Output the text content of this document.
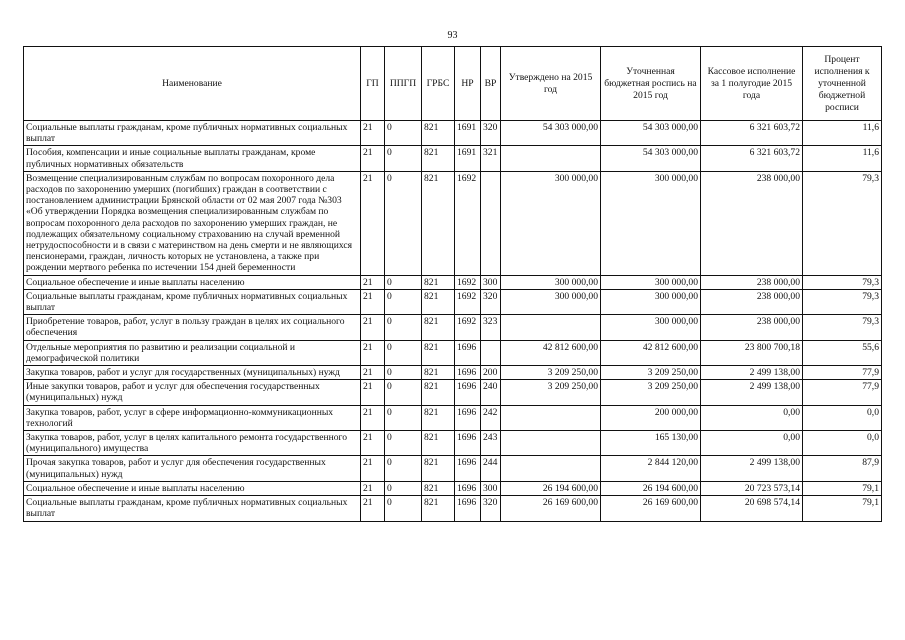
93
Наименование	ГП	ППГП	ГРБС	НР	ВР	Утверждено на 2015 год	Уточненная бюджетная роспись на 2015 год	Кассовое исполнение за 1 полугодие 2015 года	Процент исполнения к уточненной бюджетной росписи
Социальные выплаты гражданам, кроме публичных нормативных социальных выплат	21	0	821	1691	320	54 303 000,00	54 303 000,00	6 321 603,72	11,6
Пособия, компенсации и иные социальные выплаты гражданам, кроме публичных нормативных обязательств	21	0	821	1691	321		54 303 000,00	6 321 603,72	11,6
Возмещение специализированным службам по вопросам похоронного дела расходов по захоронению умерших (погибших) граждан в соответствии с постановлением администрации Брянской области от 02 мая 2007 года №303 «Об утверждении Порядка возмещения специализированным службам по вопросам похоронного дела расходов по захоронению умерших граждан, не подлежащих обязательному социальному страхованию на случай временной нетрудоспособности и в связи с материнством на день смерти и не являющихся пенсионерами, граждан, личность которых не установлена, а также при рождении мертвого ребенка по истечении 154 дней беременности	21	0	821	1692		300 000,00	300 000,00	238 000,00	79,3
Социальное обеспечение и иные выплаты населению	21	0	821	1692	300	300 000,00	300 000,00	238 000,00	79,3
Социальные выплаты гражданам, кроме публичных нормативных социальных выплат	21	0	821	1692	320	300 000,00	300 000,00	238 000,00	79,3
Приобретение товаров, работ, услуг в пользу граждан в целях их социального обеспечения	21	0	821	1692	323		300 000,00	238 000,00	79,3
Отдельные мероприятия по развитию и реализации социальной и демографической политики	21	0	821	1696		42 812 600,00	42 812 600,00	23 800 700,18	55,6
Закупка товаров, работ и услуг для государственных (муниципальных) нужд	21	0	821	1696	200	3 209 250,00	3 209 250,00	2 499 138,00	77,9
Иные закупки товаров, работ и услуг для обеспечения государственных (муниципальных) нужд	21	0	821	1696	240	3 209 250,00	3 209 250,00	2 499 138,00	77,9
Закупка товаров, работ, услуг в сфере информационно-коммуникационных технологий	21	0	821	1696	242		200 000,00	0,00	0,0
Закупка товаров, работ, услуг в целях капитального ремонта государственного (муниципального) имущества	21	0	821	1696	243		165 130,00	0,00	0,0
Прочая закупка товаров, работ и услуг для обеспечения государственных (муниципальных) нужд	21	0	821	1696	244		2 844 120,00	2 499 138,00	87,9
Социальное обеспечение и иные выплаты населению	21	0	821	1696	300	26 194 600,00	26 194 600,00	20 723 573,14	79,1
Социальные выплаты гражданам, кроме публичных нормативных социальных выплат	21	0	821	1696	320	26 169 600,00	26 169 600,00	20 698 574,14	79,1
